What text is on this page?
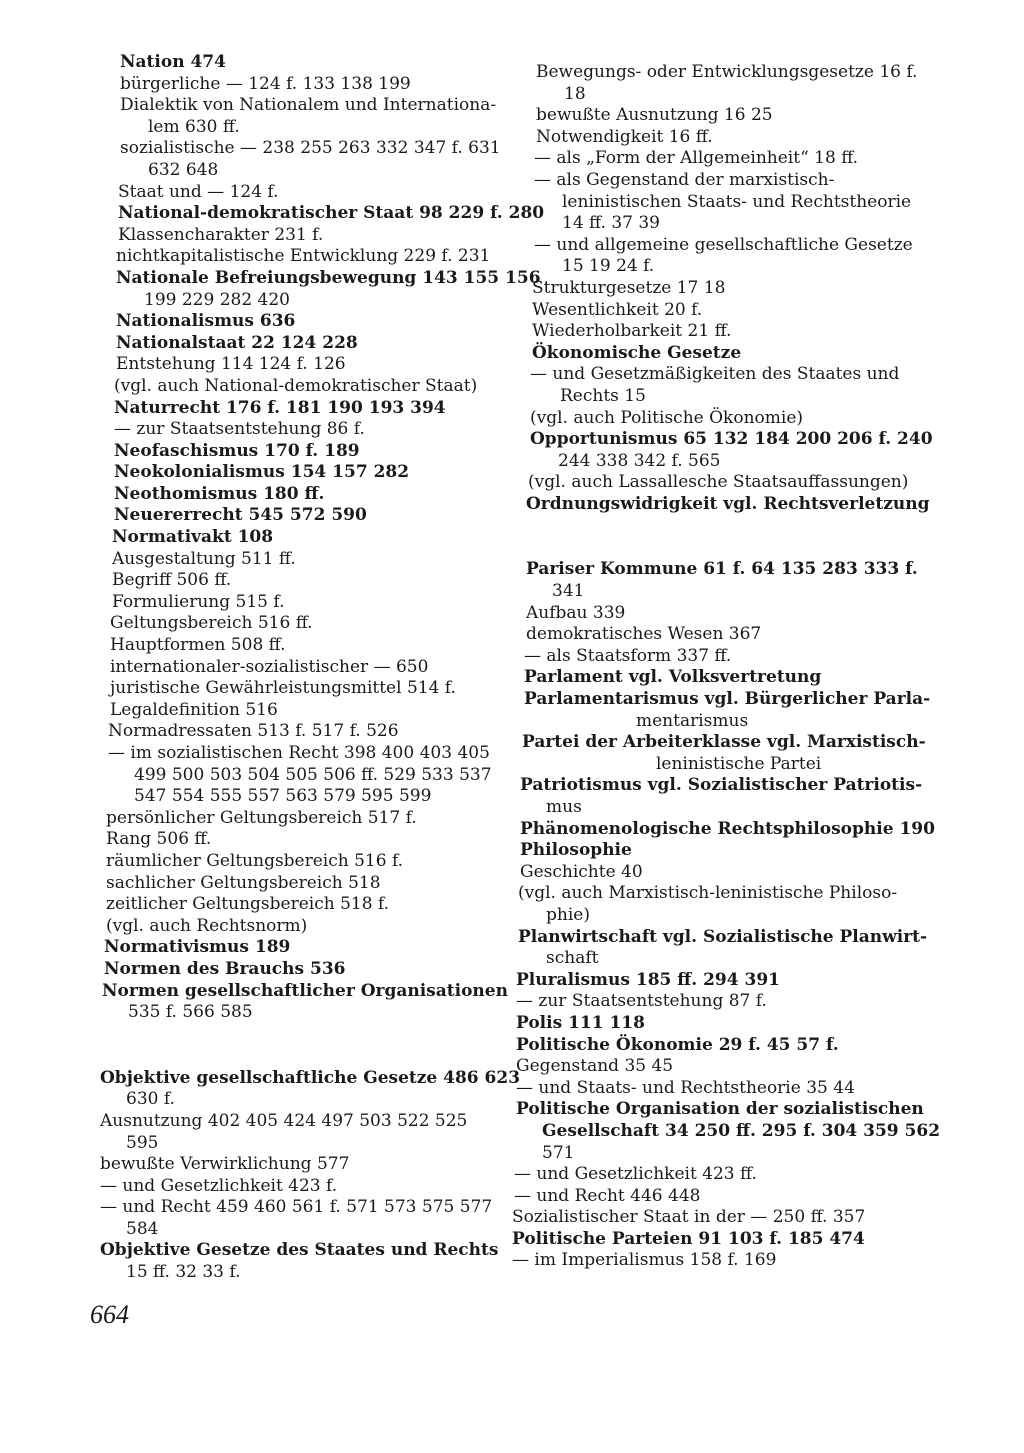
Nation 474
bürgerliche — 124 f. 133 138 199
Dialektik von Nationalem und Internationa-
lem 630 ff.
sozialistische — 238 255 263 332 347 f. 631
632 648
Staat und — 124 f.
National-demokratischer Staat 98 229 f. 280
Klassencharakter 231 f.
nichtkapitalistische Entwicklung 229 f. 231
Nationale Befreiungsbewegung 143 155 156
199 229 282 420
Nationalismus 636
Nationalstaat 22 124 228
Entstehung 114 124 f. 126
(vgl. auch National-demokratischer Staat)
Naturrecht 176 f. 181 190 193 394
— zur Staatsentstehung 86 f.
Neofaschismus 170 f. 189
Neokolonialismus 154 157 282
Neothomismus 180 ff.
Neuererrecht 545 572 590
Normativakt 108
Ausgestaltung 511 ff.
Begriff 506 ff.
Formulierung 515 f.
Geltungsbereich 516 ff.
Hauptformen 508 ff.
internationaler-sozialistischer — 650
juristische Gewährleistungsmittel 514 f.
Legaldefinition 516
Normadressaten 513 f. 517 f. 526
— im sozialistischen Recht 398 400 403 405
499 500 503 504 505 506 ff. 529 533 537
547 554 555 557 563 579 595 599
persönlicher Geltungsbereich 517 f.
Rang 506 ff.
räumlicher Geltungsbereich 516 f.
sachlicher Geltungsbereich 518
zeitlicher Geltungsbereich 518 f.
(vgl. auch Rechtsnorm)
Normativismus 189
Normen des Brauchs 536
Normen gesellschaftlicher Organisationen
535 f. 566 585
Objektive gesellschaftliche Gesetze 486 623
630 f.
Ausnutzung 402 405 424 497 503 522 525
595
bewußte Verwirklichung 577
— und Gesetzlichkeit 423 f.
— und Recht 459 460 561 f. 571 573 575 577
584
Objektive Gesetze des Staates und Rechts
15 ff. 32 33 f.
Bewegungs- oder Entwicklungsgesetze 16 f.
18
bewußte Ausnutzung 16 25
Notwendigkeit 16 ff.
— als „Form der Allgemeinheit“ 18 ff.
— als Gegenstand der marxistisch-
leninistischen Staats- und Rechtstheorie
14 ff. 37 39
— und allgemeine gesellschaftliche Gesetze
15 19 24 f.
Strukturgesetze 17 18
Wesentlichkeit 20 f.
Wiederholbarkeit 21 ff.
Ökonomische Gesetze
— und Gesetzmäßigkeiten des Staates und
Rechts 15
(vgl. auch Politische Ökonomie)
Opportunismus 65 132 184 200 206 f. 240
244 338 342 f. 565
(vgl. auch Lassallesche Staatsauffassungen)
Ordnungswidrigkeit vgl. Rechtsverletzung
Pariser Kommune 61 f. 64 135 283 333 f.
341
Aufbau 339
demokratisches Wesen 367
— als Staatsform 337 ff.
Parlament vgl. Volksvertretung
Parlamentarismus vgl. Bürgerlicher Parla-
mentarismus
Partei der Arbeiterklasse vgl. Marxistisch-
leninistische Partei
Patriotismus vgl. Sozialistischer Patriotis-
mus
Phänomenologische Rechtsphilosophie 190
Philosophie
Geschichte 40
(vgl. auch Marxistisch-leninistische Philoso-
phie)
Planwirtschaft vgl. Sozialistische Planwirt-
schaft
Pluralismus 185 ff. 294 391
— zur Staatsentstehung 87 f.
Polis 111 118
Politische Ökonomie 29 f. 45 57 f.
Gegenstand 35 45
— und Staats- und Rechtstheorie 35 44
Politische Organisation der sozialistischen
Gesellschaft 34 250 ff. 295 f. 304 359 562
571
— und Gesetzlichkeit 423 ff.
— und Recht 446 448
Sozialistischer Staat in der — 250 ff. 357
Politische Parteien 91 103 f. 185 474
— im Imperialismus 158 f. 169
664
